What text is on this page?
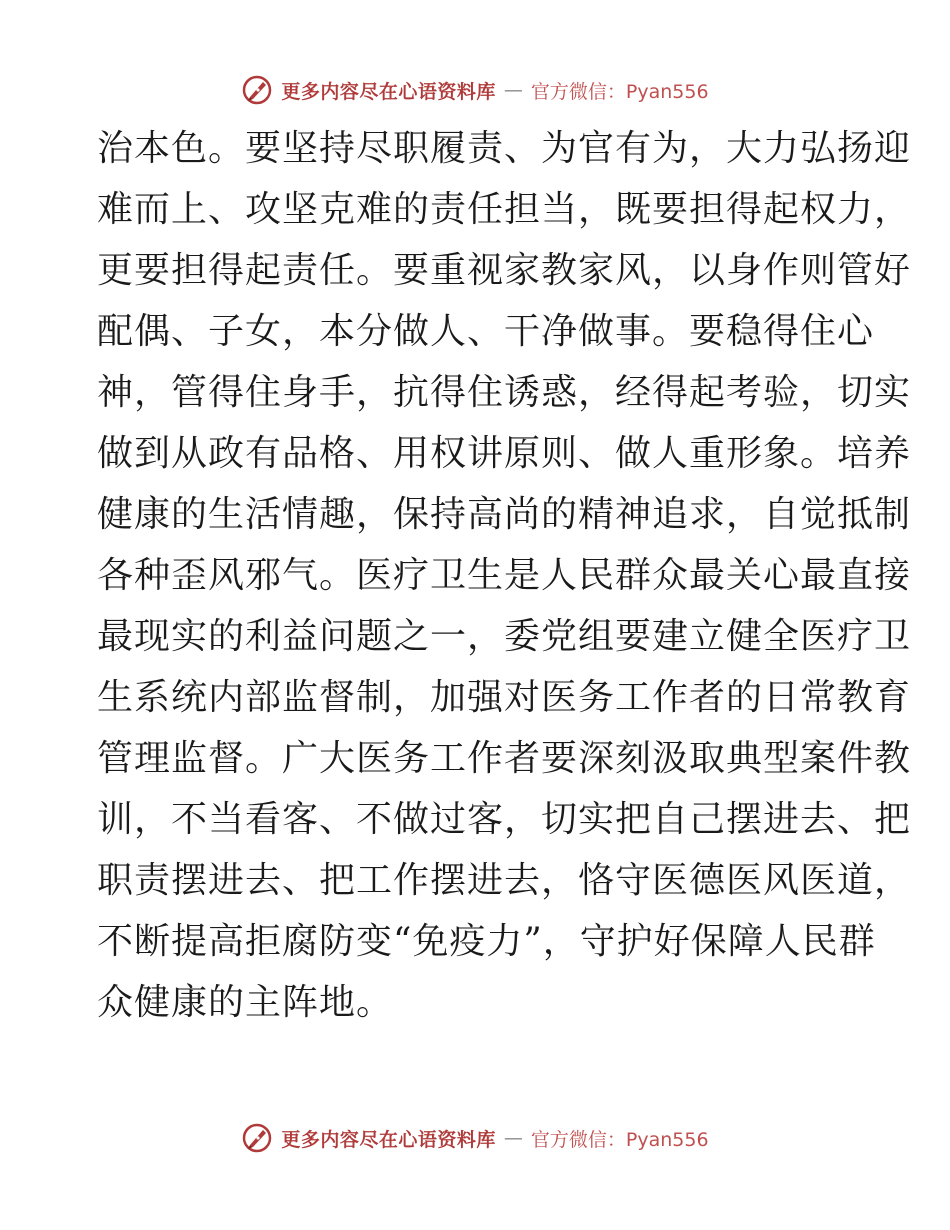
更多内容尽在心语资料库 — 官方微信：Pyan556
治本色。要坚持尽职履责、为官有为，大力弘扬迎
难而上、攻坚克难的责任担当，既要担得起权力，
更要担得起责任。要重视家教家风，以身作则管好
配偶、子女，本分做人、干净做事。要稳得住心
神，管得住身手，抗得住诱惑，经得起考验，切实
做到从政有品格、用权讲原则、做人重形象。培养
健康的生活情趣，保持高尚的精神追求，自觉抵制
各种歪风邪气。医疗卫生是人民群众最关心最直接
最现实的利益问题之一，委党组要建立健全医疗卫
生系统内部监督制，加强对医务工作者的日常教育
管理监督。广大医务工作者要深刻汲取典型案件教
训，不当看客、不做过客，切实把自己摆进去、把
职责摆进去、把工作摆进去，恪守医德医风医道，
不断提高拒腐防变“免疫力”，守护好保障人民群
众健康的主阵地。
更多内容尽在心语资料库 — 官方微信：Pyan556
